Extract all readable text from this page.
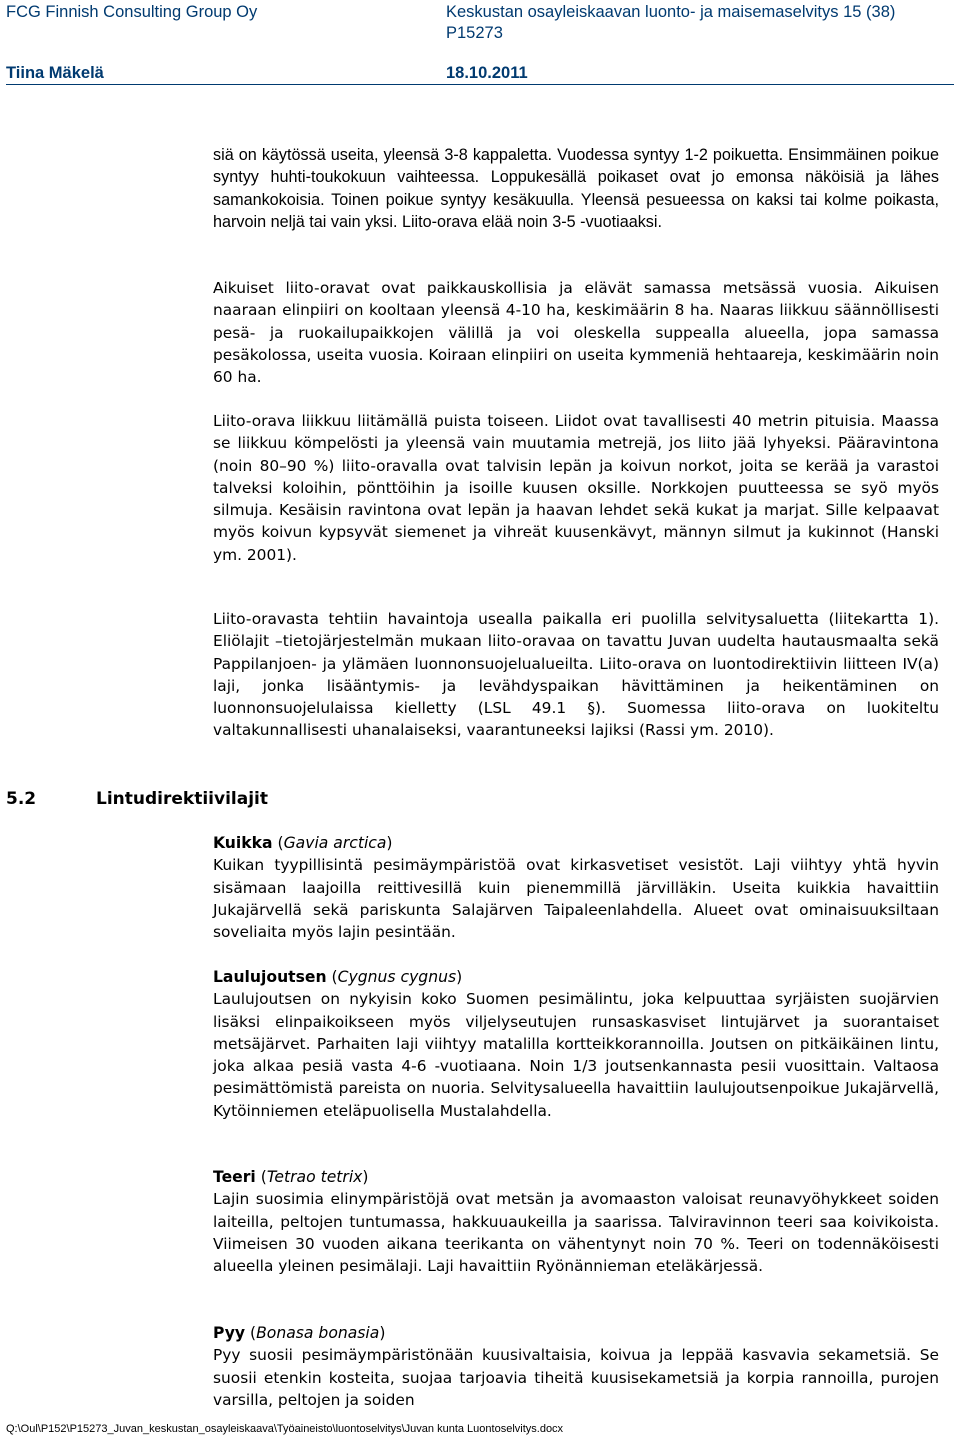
FCG Finnish Consulting Group Oy	Keskustan osayleiskaavan luonto- ja maisemaselvitys 15 (38)
P15273
Tiina Mäkelä	18.10.2011

siä on käytössä useita, yleensä 3-8 kappaletta. Vuodessa syntyy 1-2 poikuetta. Ensimmäinen poikue syntyy huhti-toukokuun vaihteessa. Loppukesällä poikaset ovat jo emonsa näköisiä ja lähes samankokoisia. Toinen poikue syntyy kesäkuulla. Yleensä pesueessa on kaksi tai kolme poikasta, harvoin neljä tai vain yksi. Liito-orava elää noin 3-5 -vuotiaaksi.

Aikuiset liito-oravat ovat paikkauskollisia ja elävät samassa metsässä vuosia. Aikuisen naaraan elinpiiri on kooltaan yleensä 4-10 ha, keskimäärin 8 ha. Naaras liikkuu säännöllisesti pesä- ja ruokailupaikkojen välillä ja voi oleskella suppealla alueella, jopa samassa pesäkolossa, useita vuosia. Koiraan elinpiiri on useita kymmeniä hehtaareja, keskimäärin noin 60 ha.

Liito-orava liikkuu liitämällä puista toiseen. Liidot ovat tavallisesti 40 metrin pituisia. Maassa se liikkuu kömpelösti ja yleensä vain muutamia metrejä, jos liito jää lyhyeksi. Pääravintona (noin 80–90 %) liito-oravalla ovat talvisin lepän ja koivun norkot, joita se kerää ja varastoi talveksi koloihin, pönttöihin ja isoille kuusen oksille. Norkkojen puutteessa se syö myös silmuja. Kesäisin ravintona ovat lepän ja haavan lehdet sekä kukat ja marjat. Sille kelpaavat myös koivun kypsyvät siemenet ja vihreät kuusenkävyt, männyn silmut ja kukinnot (Hanski ym. 2001).

Liito-oravasta tehtiin havaintoja usealla paikalla eri puolilla selvitysaluetta (liitekartta 1). Eliölajit –tietojärjestelmän mukaan liito-oravaa on tavattu Juvan uudelta hautausmaalta sekä Pappilanjoen- ja ylämäen luonnonsuojelualueilta. Liito-orava on luontodirektiivin liitteen IV(a) laji, jonka lisääntymis- ja levähdyspaikan hävittäminen ja heikentäminen on luonnonsuojelulaissa kielletty (LSL 49.1 §). Suomessa liito-orava on luokiteltu valtakunnallisesti uhanalaiseksi, vaarantuneeksi lajiksi (Rassi ym. 2010).

5.2	Lintudirektiivilajit

Kuikka (Gavia arctica)

Kuikan tyypillisintä pesimäympäristöä ovat kirkasvetiset vesistöt. Laji viihtyy yhtä hyvin sisämaan laajoilla reittivesillä kuin pienemmillä järvilläkin. Useita kuikkia havaittiin Jukajärvellä sekä pariskunta Salajärven Taipaleenlahdella. Alueet ovat ominaisuuksiltaan soveliaita myös lajin pesintään.

Laulujoutsen (Cygnus cygnus)

Laulujoutsen on nykyisin koko Suomen pesimälintu, joka kelpuuttaa syrjäisten suojärvien lisäksi elinpaikoikseen myös viljelyseutujen runsaskasviset lintujärvet ja suorantaiset metsäjärvet. Parhaiten laji viihtyy matalilla kortteikkorannoilla. Joutsen on pitkäikäinen lintu, joka alkaa pesiä vasta 4-6 -vuotiaana. Noin 1/3 joutsenkannasta pesii vuosittain. Valtaosa pesimättömistä pareista on nuoria. Selvitysalueella havaittiin laulujoutsenpoikue Jukajärvellä, Kytöinniemen eteläpuolisella Mustalahdella.

Teeri (Tetrao tetrix)

Lajin suosimia elinympäristöjä ovat metsän ja avomaaston valoisat reunavyöhykkeet soiden laiteilla, peltojen tuntumassa, hakkuuaukeilla ja saarissa. Talviravinnon teeri saa koivikoista. Viimeisen 30 vuoden aikana teerikanta on vähentynyt noin 70 %. Teeri on todennäköisesti alueella yleinen pesimälaji. Laji havaittiin Ryönännieman eteläkärjessä.

Pyy (Bonasa bonasia)

Pyy suosii pesimäympäristönään kuusivaltaisia, koivua ja leppää kasvavia sekametsiä. Se suosii etenkin kosteita, suojaa tarjoavia tiheitä kuusisekametsiä ja korpia rannoilla, purojen varsilla, peltojen ja soiden

Q:\Oul\P152\P15273_Juvan_keskustan_osayleiskaava\Työaineisto\luontoselvitys\Juvan kunta Luontoselvitys.docx
